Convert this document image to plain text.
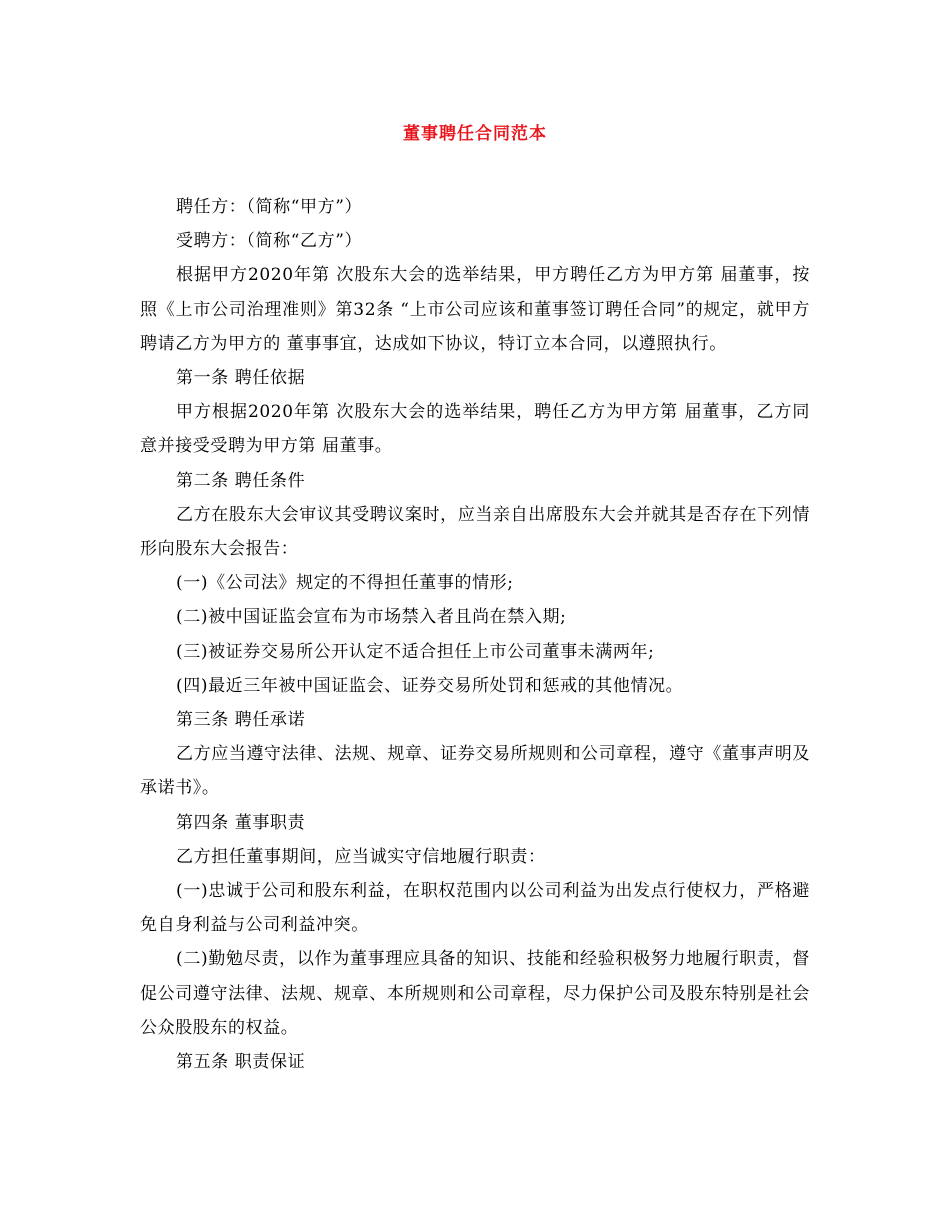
董事聘任合同范本

聘任方：（简称“甲方”）

受聘方：（简称“乙方”）

根据甲方2020年第 次股东大会的选举结果，甲方聘任乙方为甲方第 届董事，按照《上市公司治理准则》第32条 “上市公司应该和董事签订聘任合同”的规定，就甲方聘请乙方为甲方的 董事事宜，达成如下协议，特订立本合同，以遵照执行。

第一条 聘任依据

甲方根据2020年第 次股东大会的选举结果，聘任乙方为甲方第 届董事，乙方同意并接受受聘为甲方第 届董事。

第二条 聘任条件

乙方在股东大会审议其受聘议案时，应当亲自出席股东大会并就其是否存在下列情形向股东大会报告：

(一)《公司法》规定的不得担任董事的情形;

(二)被中国证监会宣布为市场禁入者且尚在禁入期;

(三)被证券交易所公开认定不适合担任上市公司董事未满两年;

(四)最近三年被中国证监会、证券交易所处罚和惩戒的其他情况。

第三条 聘任承诺

乙方应当遵守法律、法规、规章、证券交易所规则和公司章程，遵守《董事声明及承诺书》。

第四条 董事职责

乙方担任董事期间，应当诚实守信地履行职责：

(一)忠诚于公司和股东利益，在职权范围内以公司利益为出发点行使权力，严格避免自身利益与公司利益冲突。

(二)勤勉尽责，以作为董事理应具备的知识、技能和经验积极努力地履行职责，督促公司遵守法律、法规、规章、本所规则和公司章程，尽力保护公司及股东特别是社会公众股股东的权益。

第五条 职责保证
